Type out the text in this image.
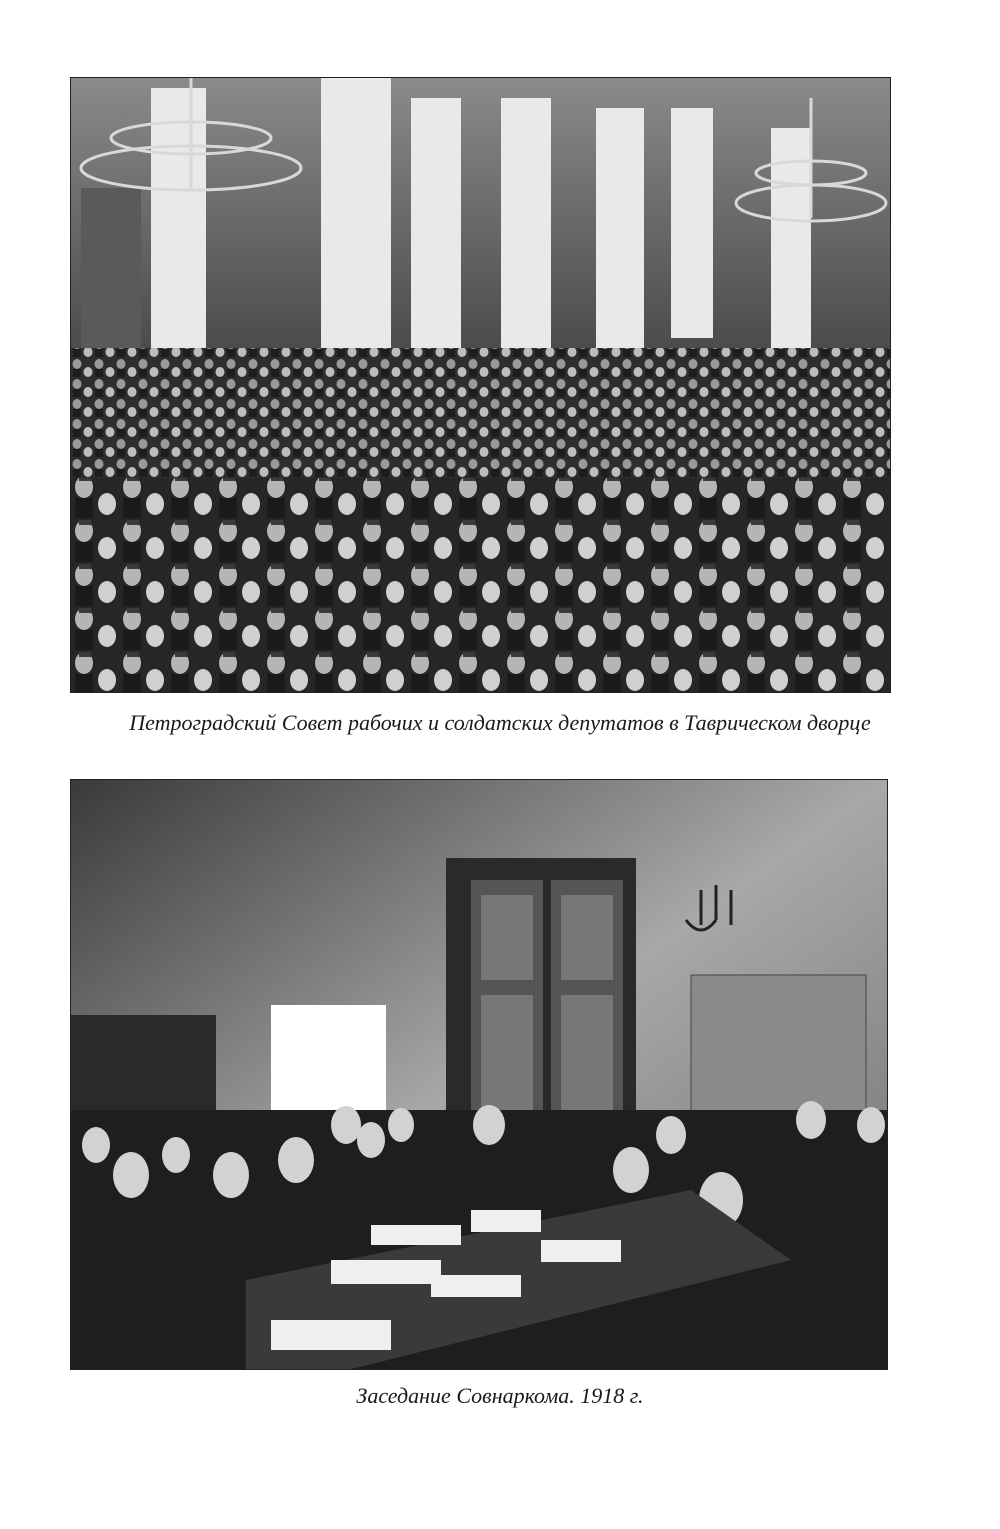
Петроградский Совет рабочих и солдатских депутатов в Таврическом дворце
Заседание Совнаркома. 1918 г.
